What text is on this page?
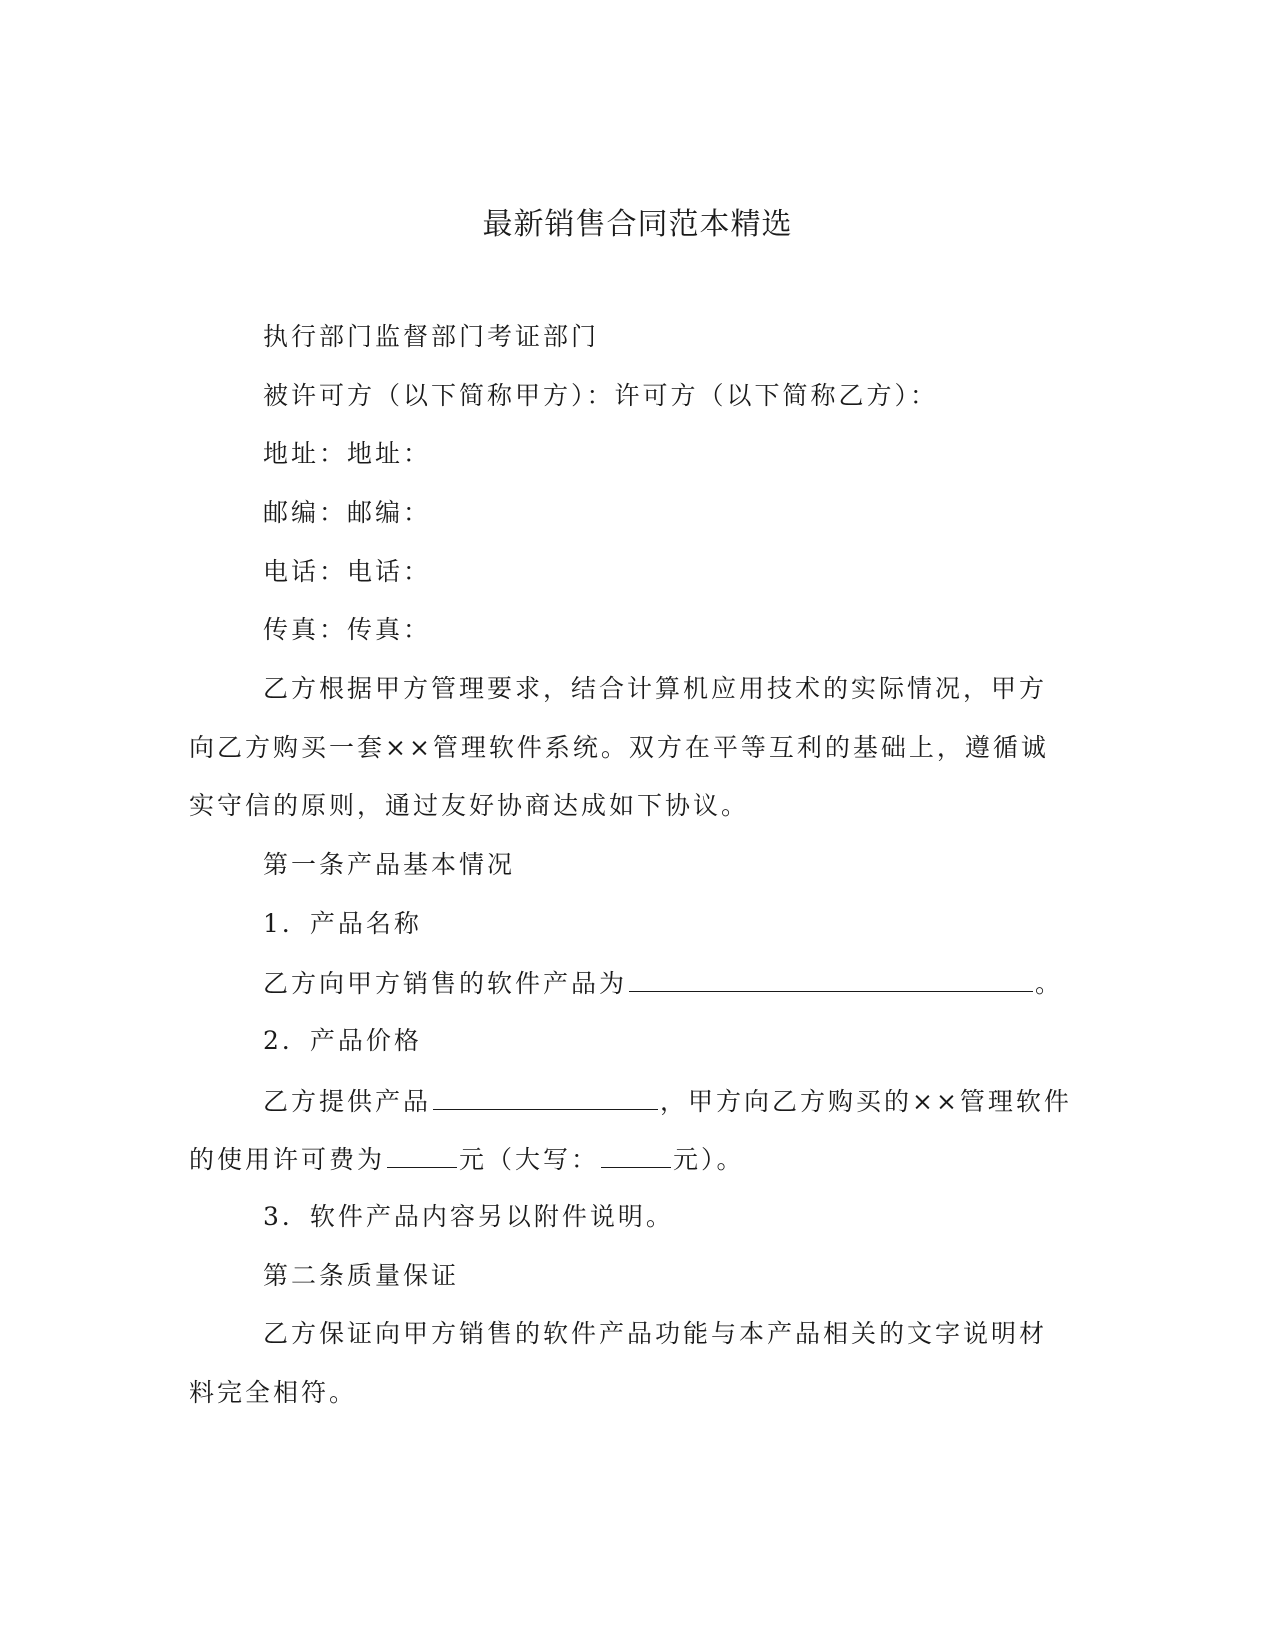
最新销售合同范本精选
执行部门监督部门考证部门
被许可方（以下简称甲方）：许可方（以下简称乙方）：
地址：地址：
邮编：邮编：
电话：电话：
传真：传真：
乙方根据甲方管理要求，结合计算机应用技术的实际情况，甲方
向乙方购买一套××管理软件系统。双方在平等互利的基础上，遵循诚
实守信的原则，通过友好协商达成如下协议。
第一条产品基本情况
1．产品名称
乙方向甲方销售的软件产品为	。
2．产品价格
乙方提供产品	，甲方向乙方购买的××管理软件
的使用许可费为	元（大写：	元）。
3．软件产品内容另以附件说明。
第二条质量保证
乙方保证向甲方销售的软件产品功能与本产品相关的文字说明材
料完全相符。
